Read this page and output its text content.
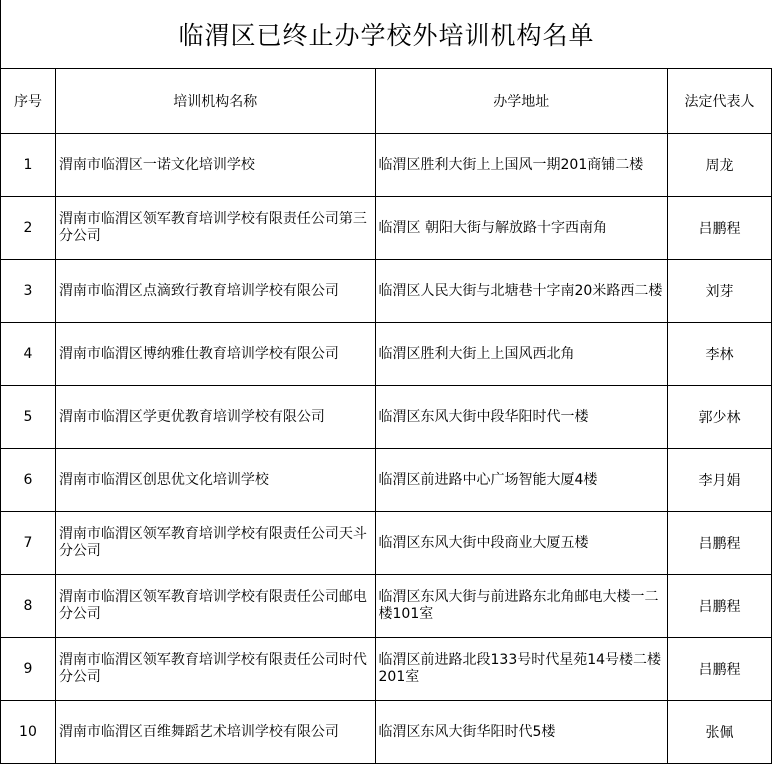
临渭区已终止办学校外培训机构名单
序号	培训机构名称	办学地址	法定代表人
1	渭南市临渭区一诺文化培训学校	临渭区胜利大街上上国风一期201商铺二楼	周龙
2	渭南市临渭区领军教育培训学校有限责任公司第三分公司	临渭区 朝阳大街与解放路十字西南角	吕鹏程
3	渭南市临渭区点滴致行教育培训学校有限公司	临渭区人民大街与北塘巷十字南20米路西二楼	刘芽
4	渭南市临渭区博纳雅仕教育培训学校有限公司	临渭区胜利大街上上国风西北角	李林
5	渭南市临渭区学更优教育培训学校有限公司	临渭区东风大街中段华阳时代一楼	郭少林
6	渭南市临渭区创思优文化培训学校	临渭区前进路中心广场智能大厦4楼	李月娟
7	渭南市临渭区领军教育培训学校有限责任公司天斗分公司	临渭区东风大街中段商业大厦五楼	吕鹏程
8	渭南市临渭区领军教育培训学校有限责任公司邮电分公司	临渭区东风大街与前进路东北角邮电大楼一二楼101室	吕鹏程
9	渭南市临渭区领军教育培训学校有限责任公司时代分公司	临渭区前进路北段133号时代星苑14号楼二楼201室	吕鹏程
10	渭南市临渭区百维舞蹈艺术培训学校有限公司	临渭区东风大街华阳时代5楼	张佩
